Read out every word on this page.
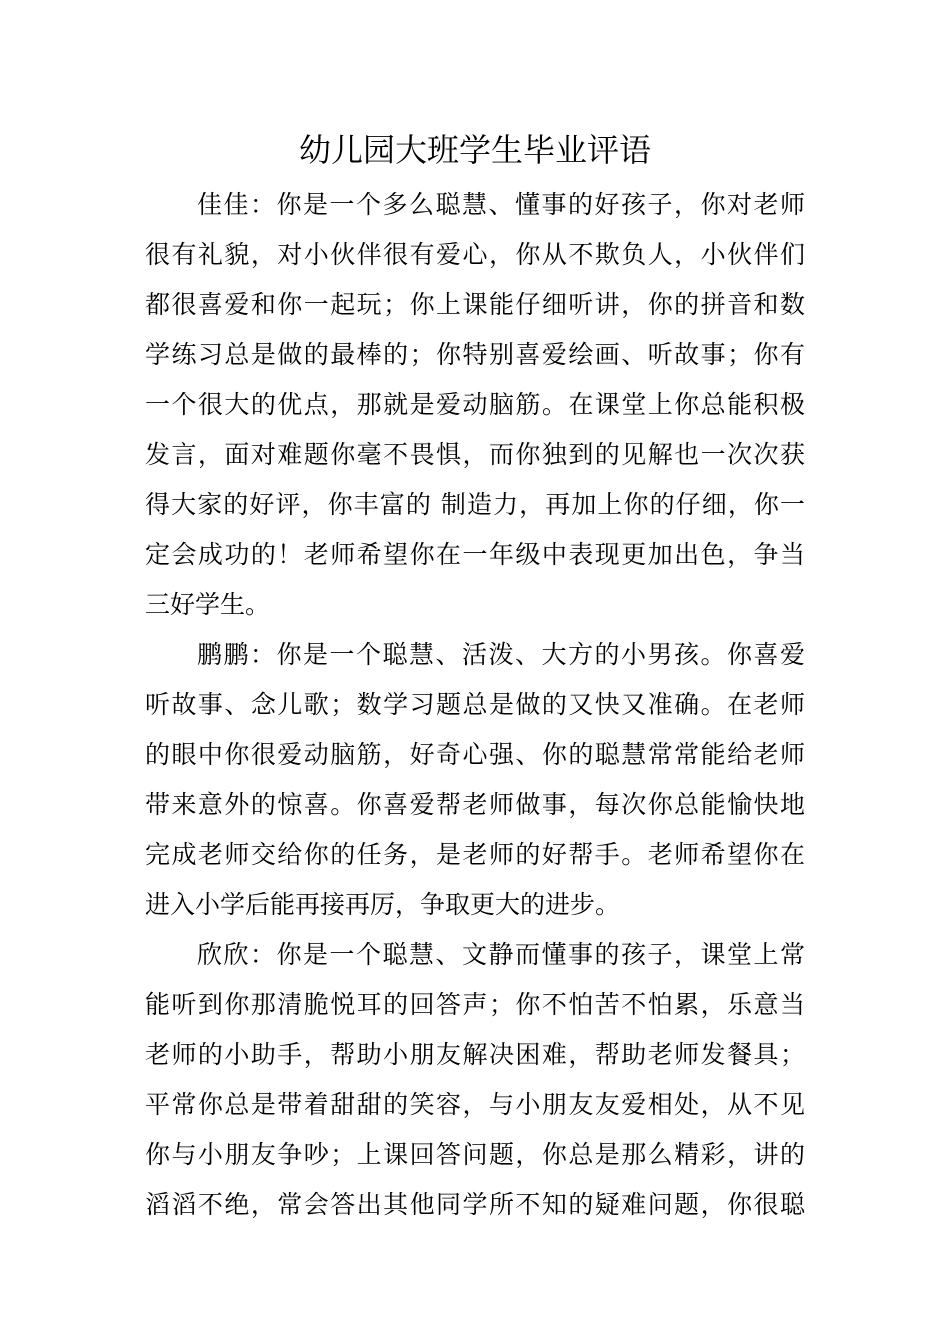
幼儿园大班学生毕业评语
佳佳：你是一个多么聪慧、懂事的好孩子，你对老师
很有礼貌，对小伙伴很有爱心，你从不欺负人，小伙伴们
都很喜爱和你一起玩；你上课能仔细听讲，你的拼音和数
学练习总是做的最棒的；你特别喜爱绘画、听故事；你有
一个很大的优点，那就是爱动脑筋。在课堂上你总能积极
发言，面对难题你毫不畏惧，而你独到的见解也一次次获
得大家的好评，你丰富的 制造力，再加上你的仔细，你一
定会成功的！老师希望你在一年级中表现更加出色，争当
三好学生。
鹏鹏：你是一个聪慧、活泼、大方的小男孩。你喜爱
听故事、念儿歌；数学习题总是做的又快又准确。在老师
的眼中你很爱动脑筋，好奇心强、你的聪慧常常能给老师
带来意外的惊喜。你喜爱帮老师做事，每次你总能愉快地
完成老师交给你的任务，是老师的好帮手。老师希望你在
进入小学后能再接再厉，争取更大的进步。
欣欣：你是一个聪慧、文静而懂事的孩子，课堂上常
能听到你那清脆悦耳的回答声；你不怕苦不怕累，乐意当
老师的小助手，帮助小朋友解决困难，帮助老师发餐具；
平常你总是带着甜甜的笑容，与小朋友友爱相处，从不见
你与小朋友争吵；上课回答问题，你总是那么精彩，讲的
滔滔不绝，常会答出其他同学所不知的疑难问题，你很聪
